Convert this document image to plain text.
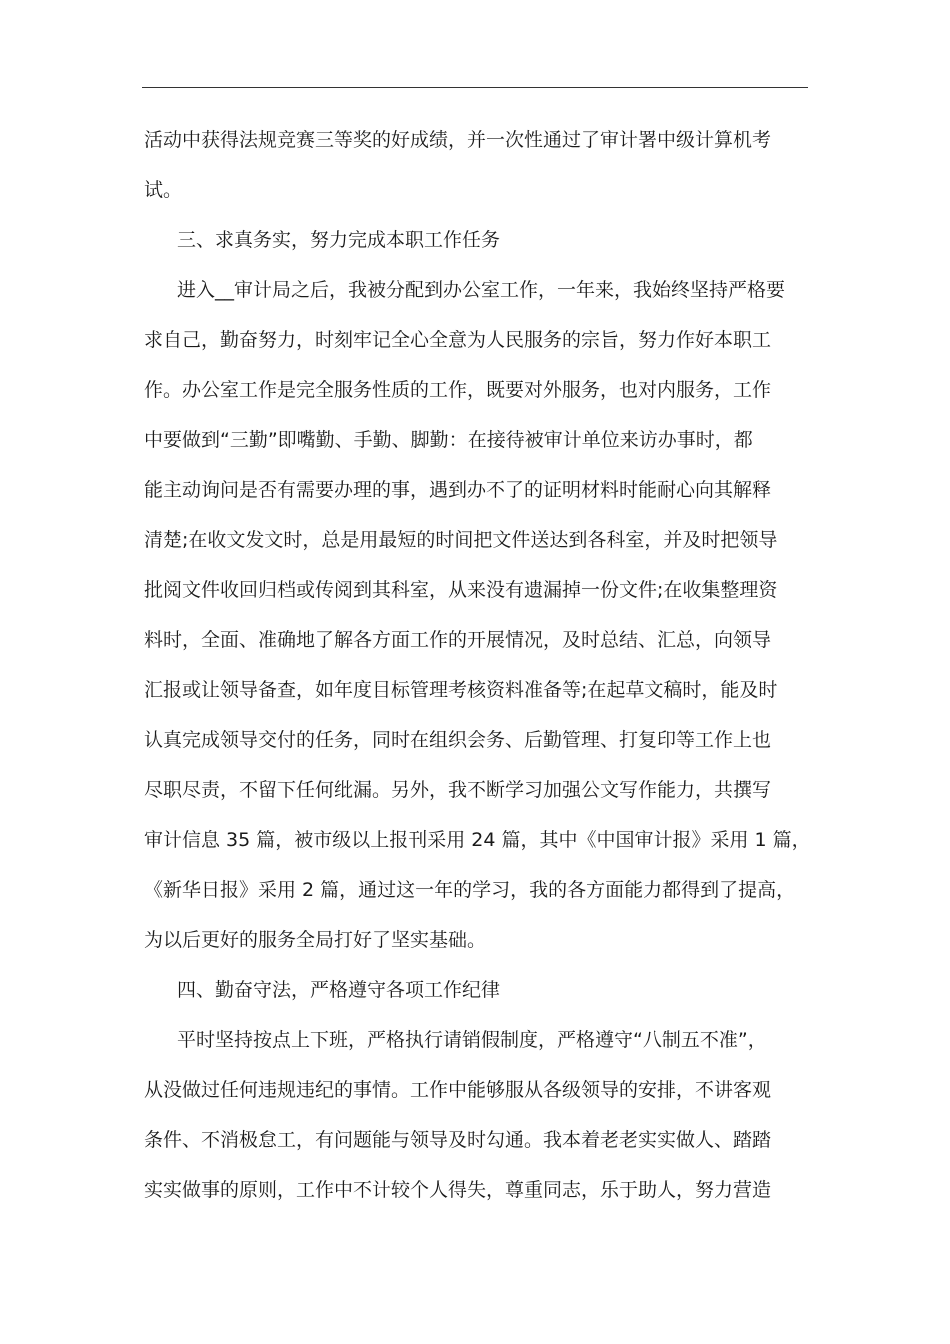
活动中获得法规竞赛三等奖的好成绩，并一次性通过了审计署中级计算机考
试。
三、求真务实，努力完成本职工作任务
进入__审计局之后，我被分配到办公室工作，一年来，我始终坚持严格要
求自己，勤奋努力，时刻牢记全心全意为人民服务的宗旨，努力作好本职工
作。办公室工作是完全服务性质的工作，既要对外服务，也对内服务，工作
中要做到“三勤”即嘴勤、手勤、脚勤：在接待被审计单位来访办事时，都
能主动询问是否有需要办理的事，遇到办不了的证明材料时能耐心向其解释
清楚;在收文发文时，总是用最短的时间把文件送达到各科室，并及时把领导
批阅文件收回归档或传阅到其科室，从来没有遗漏掉一份文件;在收集整理资
料时，全面、准确地了解各方面工作的开展情况，及时总结、汇总，向领导
汇报或让领导备查，如年度目标管理考核资料准备等;在起草文稿时，能及时
认真完成领导交付的任务，同时在组织会务、后勤管理、打复印等工作上也
尽职尽责，不留下任何纰漏。另外，我不断学习加强公文写作能力，共撰写
审计信息 35 篇，被市级以上报刊采用 24 篇，其中《中国审计报》采用 1 篇，
《新华日报》采用 2 篇，通过这一年的学习，我的各方面能力都得到了提高，
为以后更好的服务全局打好了坚实基础。
四、勤奋守法，严格遵守各项工作纪律
平时坚持按点上下班，严格执行请销假制度，严格遵守“八制五不准”，
从没做过任何违规违纪的事情。工作中能够服从各级领导的安排，不讲客观
条件、不消极怠工，有问题能与领导及时勾通。我本着老老实实做人、踏踏
实实做事的原则，工作中不计较个人得失，尊重同志，乐于助人，努力营造
